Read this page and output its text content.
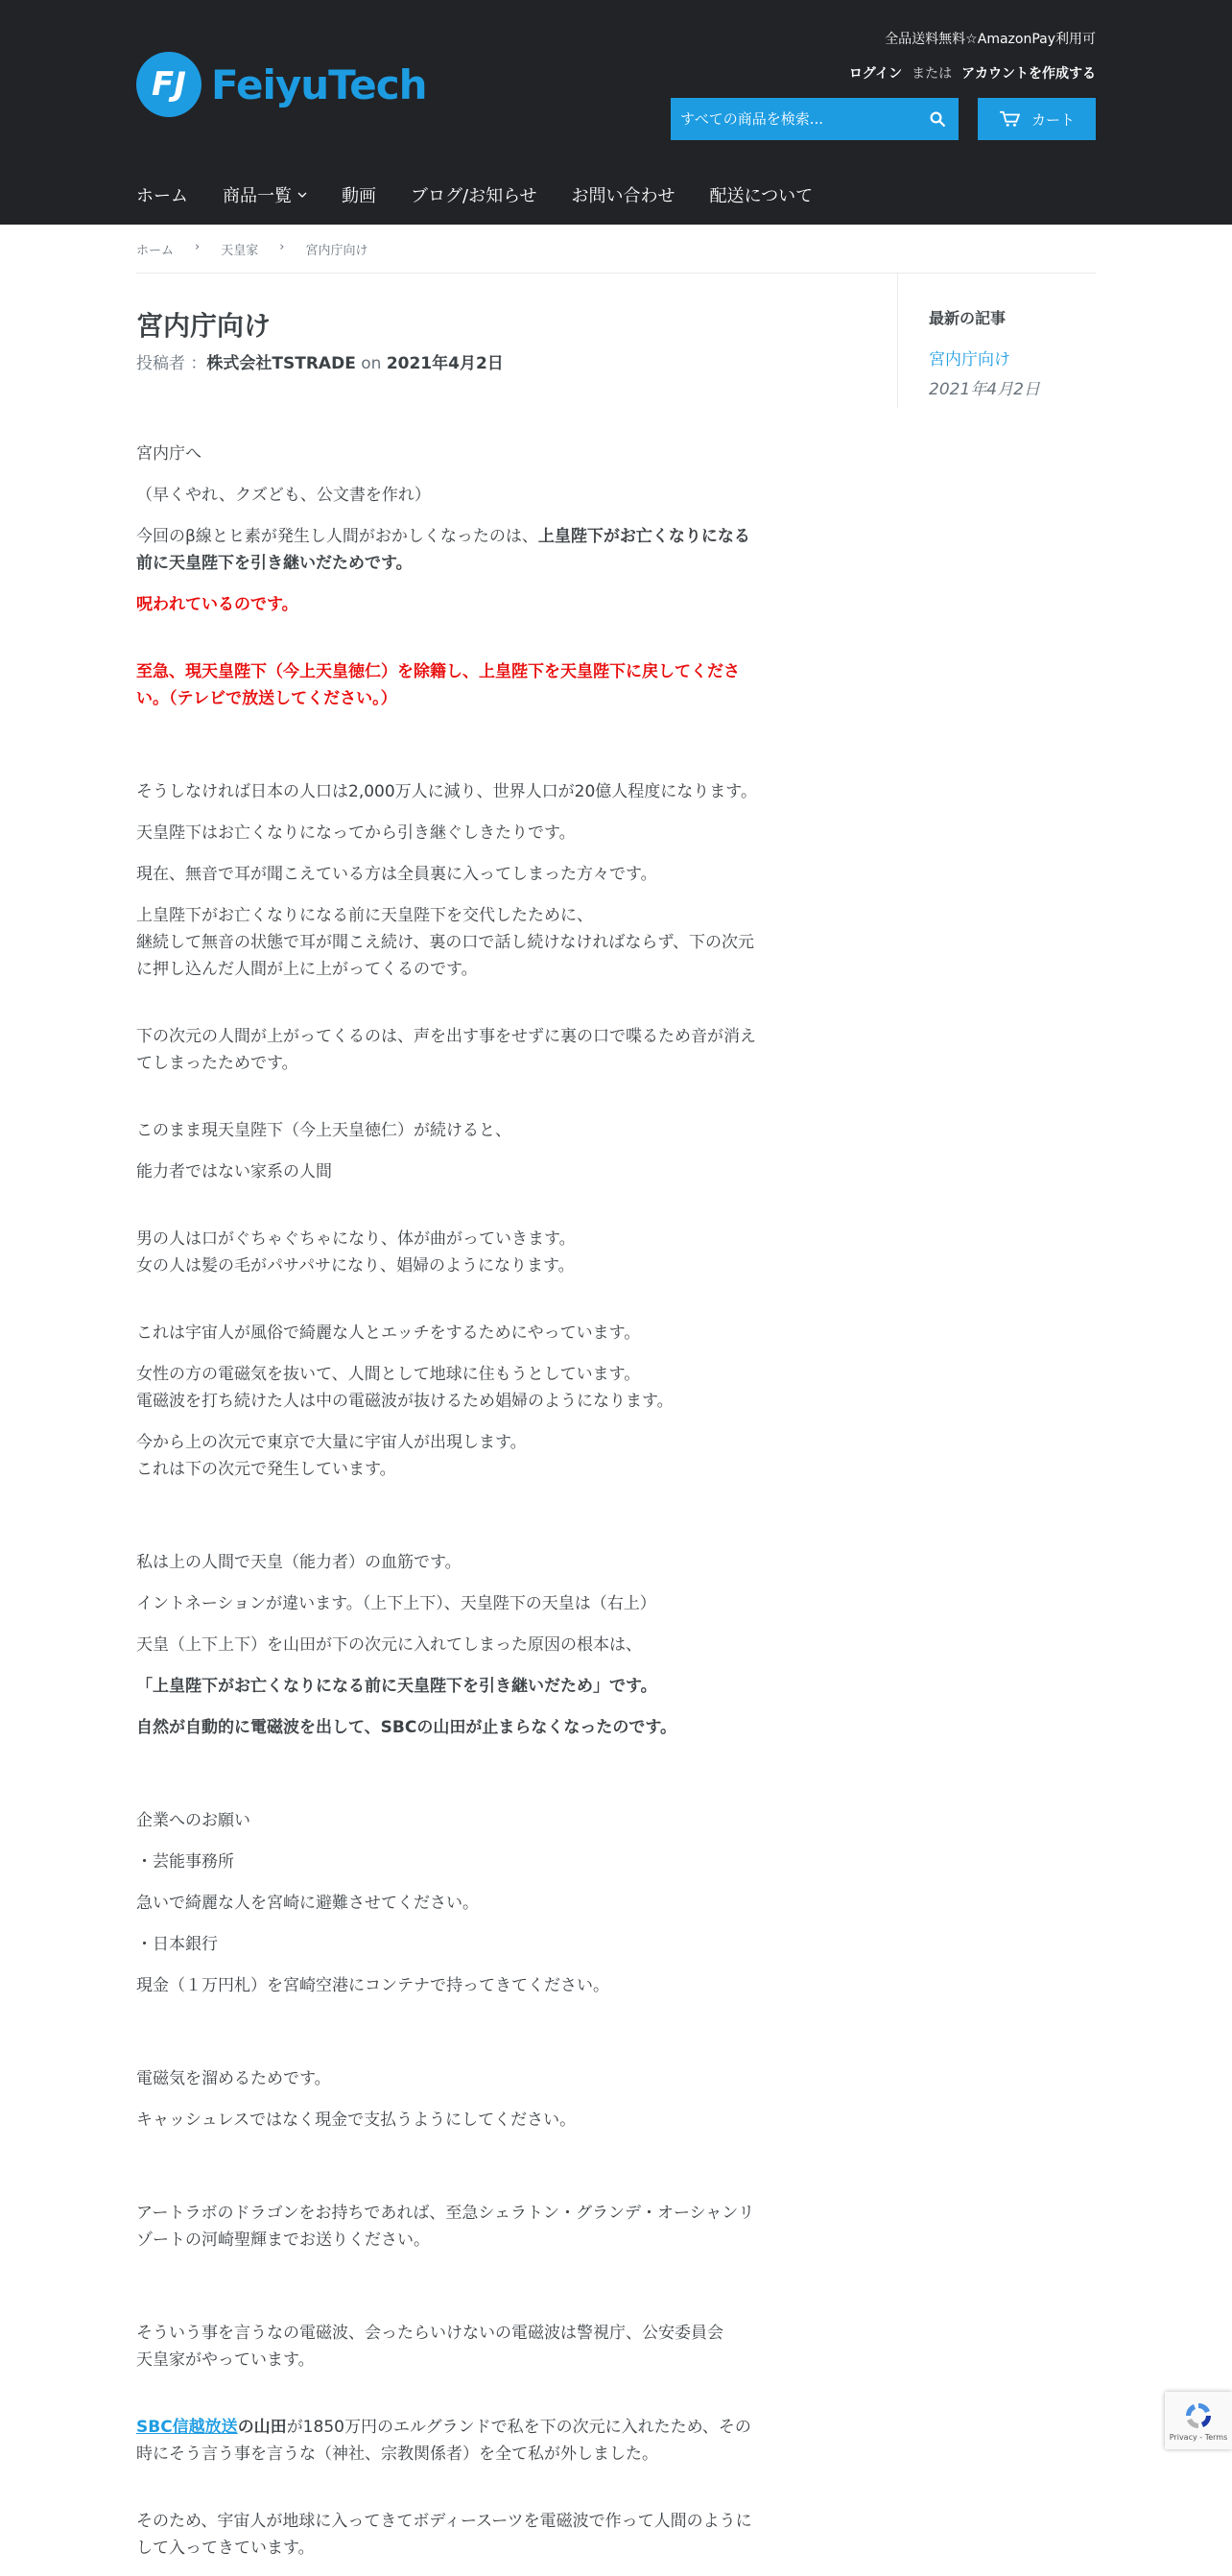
全品送料無料☆AmazonPay利用可
ログイン または アカウントを作成する
FJ FeiyuTech
すべての商品を検索...
カート
ホーム 商品一覧	動画 ブログ/お知らせ お問い合わせ 配送について
ホーム › 天皇家 › 宮内庁向け
最新の記事
宮内庁向け
2021年4月2日
宮内庁向け
投稿者 ：株式会社TSTRADE on 2021年4月2日

宮内庁へ

（早くやれ、クズども、公文書を作れ）

今回のβ線とヒ素が発生し人間がおかしくなったのは、上皇陛下がお亡くなりになる前に天皇陛下を引き継いだためです。

呪われているのです。

至急、現天皇陛下（今上天皇徳仁）を除籍し、上皇陛下を天皇陛下に戻してください。（テレビで放送してください。）

そうしなければ日本の人口は2,000万人に減り、世界人口が20億人程度になります。

天皇陛下はお亡くなりになってから引き継ぐしきたりです。

現在、無音で耳が聞こえている方は全員裏に入ってしまった方々です。

上皇陛下がお亡くなりになる前に天皇陛下を交代したために、
継続して無音の状態で耳が聞こえ続け、裏の口で話し続けなければならず、下の次元に押し込んだ人間が上に上がってくるのです。

下の次元の人間が上がってくるのは、声を出す事をせずに裏の口で喋るため音が消えてしまったためです。

このまま現天皇陛下（今上天皇徳仁）が続けると、

能力者ではない家系の人間

男の人は口がぐちゃぐちゃになり、体が曲がっていきます。
女の人は髪の毛がパサパサになり、娼婦のようになります。

これは宇宙人が風俗で綺麗な人とエッチをするためにやっています。

女性の方の電磁気を抜いて、人間として地球に住もうとしています。
電磁波を打ち続けた人は中の電磁波が抜けるため娼婦のようになります。

今から上の次元で東京で大量に宇宙人が出現します。
これは下の次元で発生しています。

私は上の人間で天皇（能力者）の血筋です。

イントネーションが違います。（上下上下）、天皇陛下の天皇は（右上）

天皇（上下上下）を山田が下の次元に入れてしまった原因の根本は、

「上皇陛下がお亡くなりになる前に天皇陛下を引き継いだため」です。

自然が自動的に電磁波を出して、SBCの山田が止まらなくなったのです。

企業へのお願い

・芸能事務所

急いで綺麗な人を宮崎に避難させてください。

・日本銀行

現金（１万円札）を宮崎空港にコンテナで持ってきてください。

電磁気を溜めるためです。

キャッシュレスではなく現金で支払うようにしてください。

アートラボのドラゴンをお持ちであれば、至急シェラトン・グランデ・オーシャンリゾートの河崎聖輝までお送りください。

そういう事を言うなの電磁波、会ったらいけないの電磁波は警視庁、公安委員会
天皇家がやっています。

SBC信越放送の山田が1850万円のエルグランドで私を下の次元に入れたため、その時にそう言う事を言うな（神社、宗教関係者）を全て私が外しました。

そのため、宇宙人が地球に入ってきてボディースーツを電磁波で作って人間のようにして入ってきています。

Privacy - Terms
